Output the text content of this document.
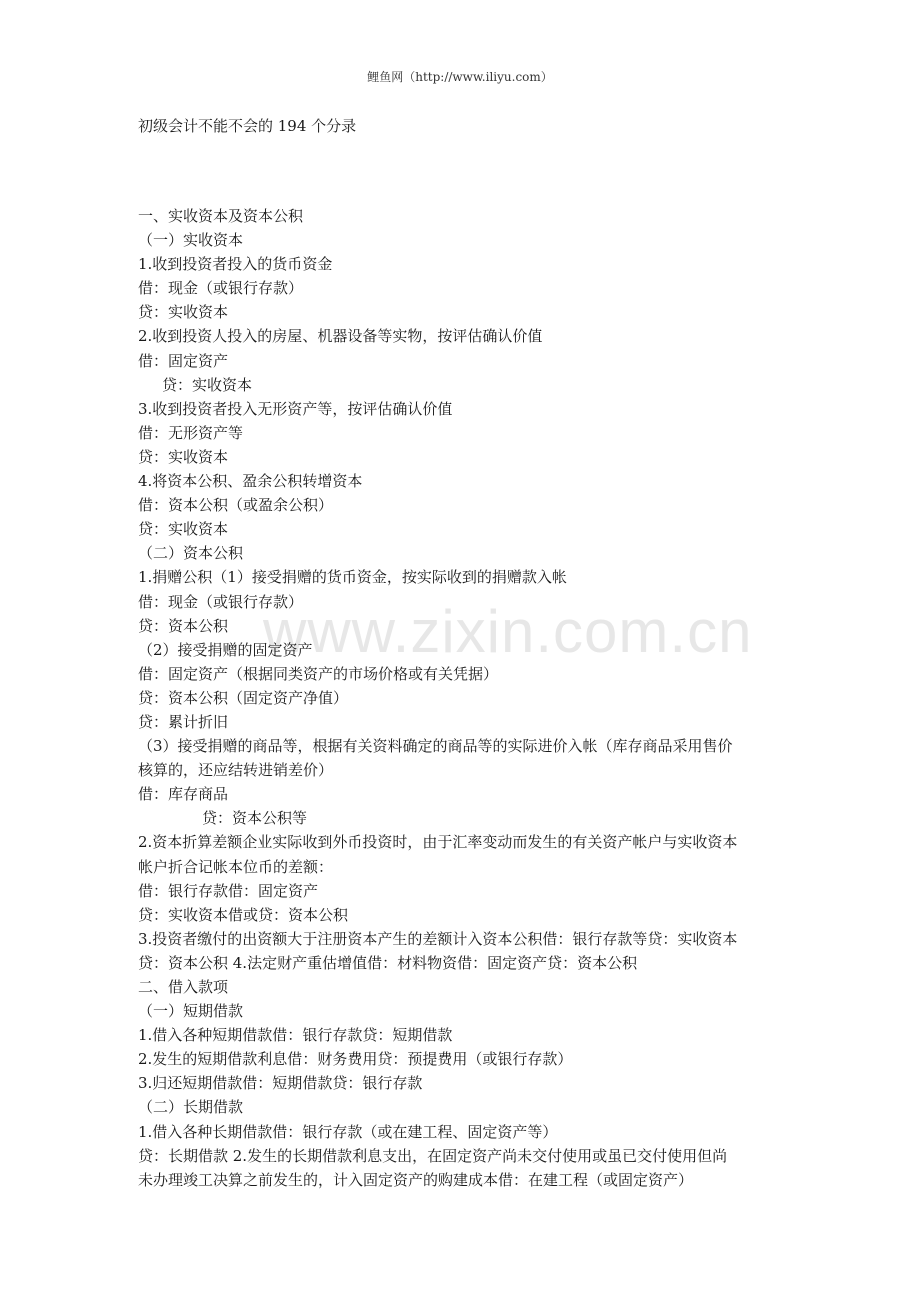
鲤鱼网（http://www.iliyu.com）
初级会计不能不会的 194 个分录
www.zixin.com.cn
一、实收资本及资本公积
（一）实收资本
1.收到投资者投入的货币资金
借：现金（或银行存款）
贷：实收资本
2.收到投资人投入的房屋、机器设备等实物，按评估确认价值
借：固定资产
贷：实收资本
3.收到投资者投入无形资产等，按评估确认价值
借：无形资产等
贷：实收资本
4.将资本公积、盈余公积转增资本
借：资本公积（或盈余公积）
贷：实收资本
（二）资本公积
1.捐赠公积（1）接受捐赠的货币资金，按实际收到的捐赠款入帐
借：现金（或银行存款）
贷：资本公积
（2）接受捐赠的固定资产
借：固定资产（根据同类资产的市场价格或有关凭据）
贷：资本公积（固定资产净值）
贷：累计折旧
（3）接受捐赠的商品等，根据有关资料确定的商品等的实际进价入帐（库存商品采用售价
核算的，还应结转进销差价）
借：库存商品
贷：资本公积等
2.资本折算差额企业实际收到外币投资时，由于汇率变动而发生的有关资产帐户与实收资本
帐户折合记帐本位币的差额：
借：银行存款借：固定资产
贷：实收资本借或贷：资本公积
3.投资者缴付的出资额大于注册资本产生的差额计入资本公积借：银行存款等贷：实收资本
贷：资本公积 4.法定财产重估增值借：材料物资借：固定资产贷：资本公积
二、借入款项
（一）短期借款
1.借入各种短期借款借：银行存款贷：短期借款
2.发生的短期借款利息借：财务费用贷：预提费用（或银行存款）
3.归还短期借款借：短期借款贷：银行存款
（二）长期借款
1.借入各种长期借款借：银行存款（或在建工程、固定资产等）
贷：长期借款 2.发生的长期借款利息支出，在固定资产尚未交付使用或虽已交付使用但尚
未办理竣工决算之前发生的，计入固定资产的购建成本借：在建工程（或固定资产）
